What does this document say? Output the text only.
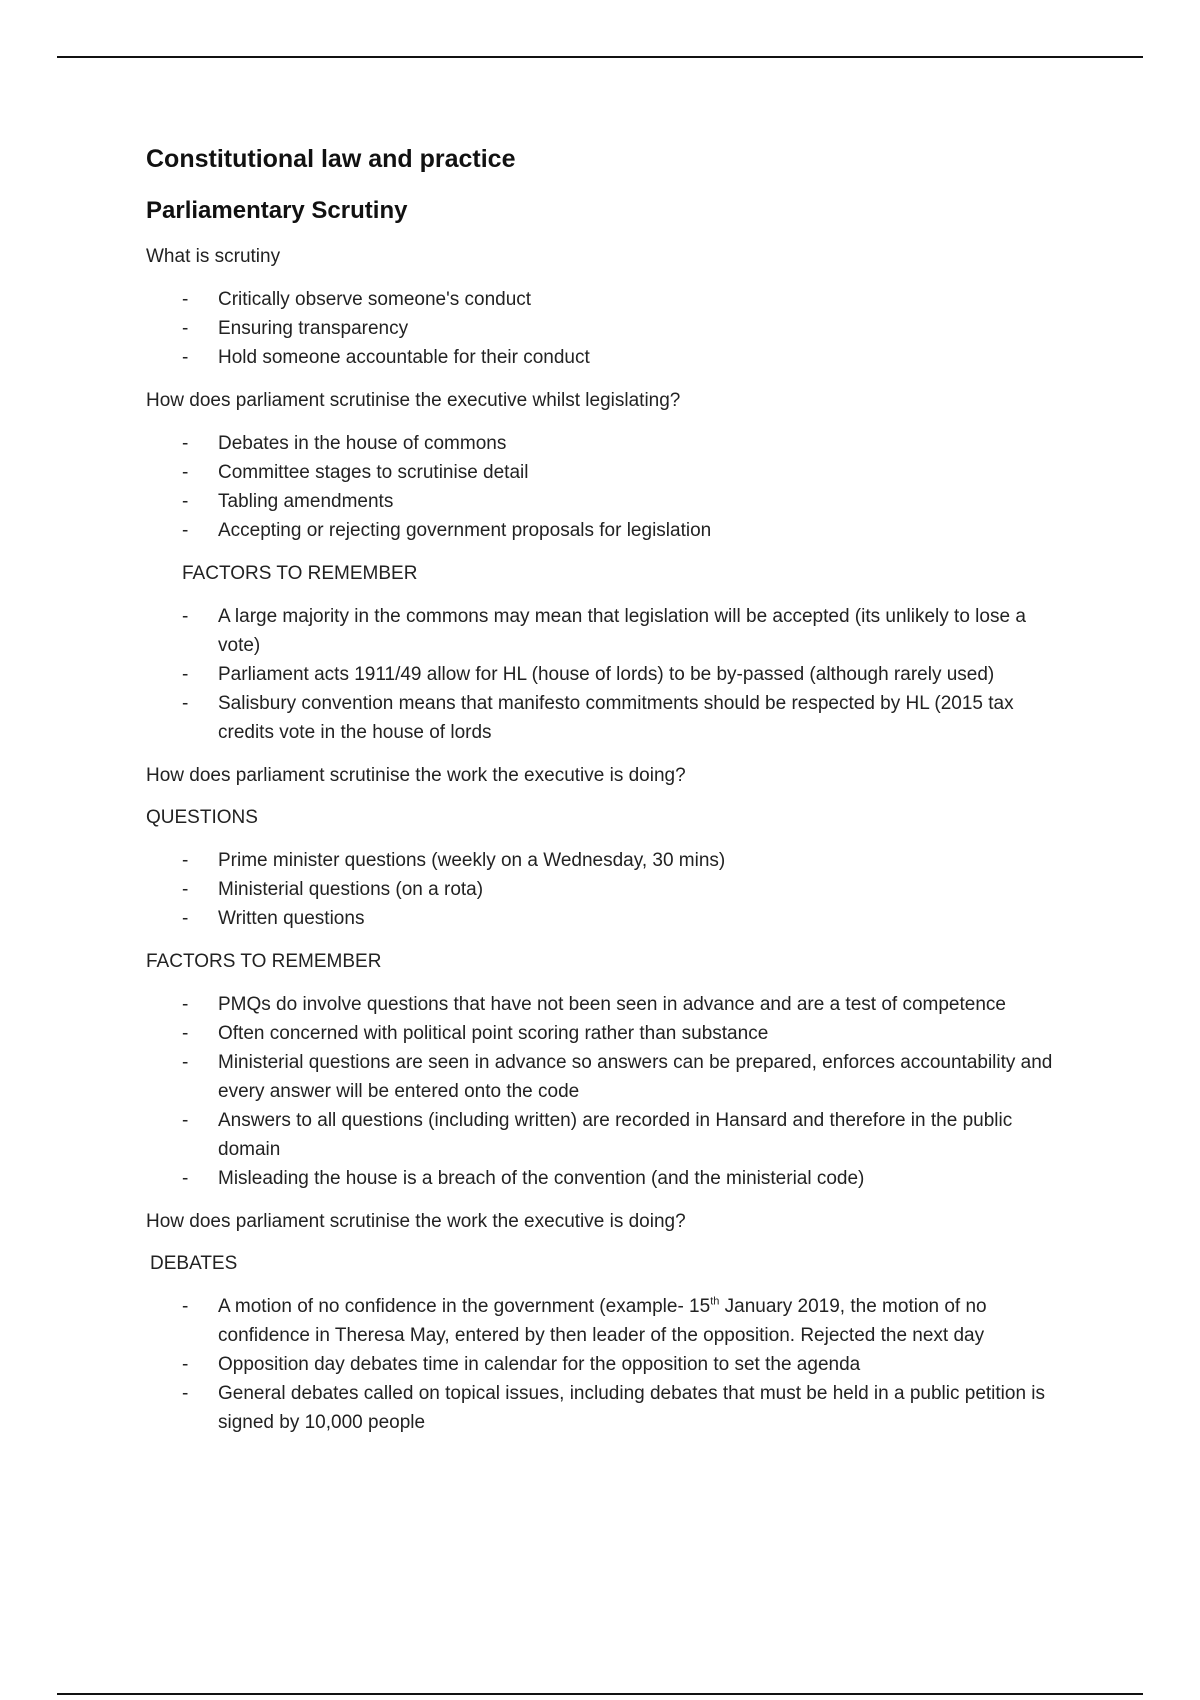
Constitutional law and practice
Parliamentary Scrutiny

What is scrutiny

- Critically observe someone's conduct
- Ensuring transparency
- Hold someone accountable for their conduct

How does parliament scrutinise the executive whilst legislating?

- Debates in the house of commons
- Committee stages to scrutinise detail
- Tabling amendments
- Accepting or rejecting government proposals for legislation

FACTORS TO REMEMBER

- A large majority in the commons may mean that legislation will be accepted (its unlikely to lose a vote)
- Parliament acts 1911/49 allow for HL (house of lords) to be by-passed (although rarely used)
- Salisbury convention means that manifesto commitments should be respected by HL (2015 tax credits vote in the house of lords

How does parliament scrutinise the work the executive is doing?

QUESTIONS

- Prime minister questions (weekly on a Wednesday, 30 mins)
- Ministerial questions (on a rota)
- Written questions

FACTORS TO REMEMBER

- PMQs do involve questions that have not been seen in advance and are a test of competence
- Often concerned with political point scoring rather than substance
- Ministerial questions are seen in advance so answers can be prepared, enforces accountability and every answer will be entered onto the code
- Answers to all questions (including written) are recorded in Hansard and therefore in the public domain
- Misleading the house is a breach of the convention (and the ministerial code)

How does parliament scrutinise the work the executive is doing?

DEBATES

- A motion of no confidence in the government (example- 15th January 2019, the motion of no confidence in Theresa May, entered by then leader of the opposition. Rejected the next day
- Opposition day debates time in calendar for the opposition to set the agenda
- General debates called on topical issues, including debates that must be held in a public petition is signed by 10,000 people
